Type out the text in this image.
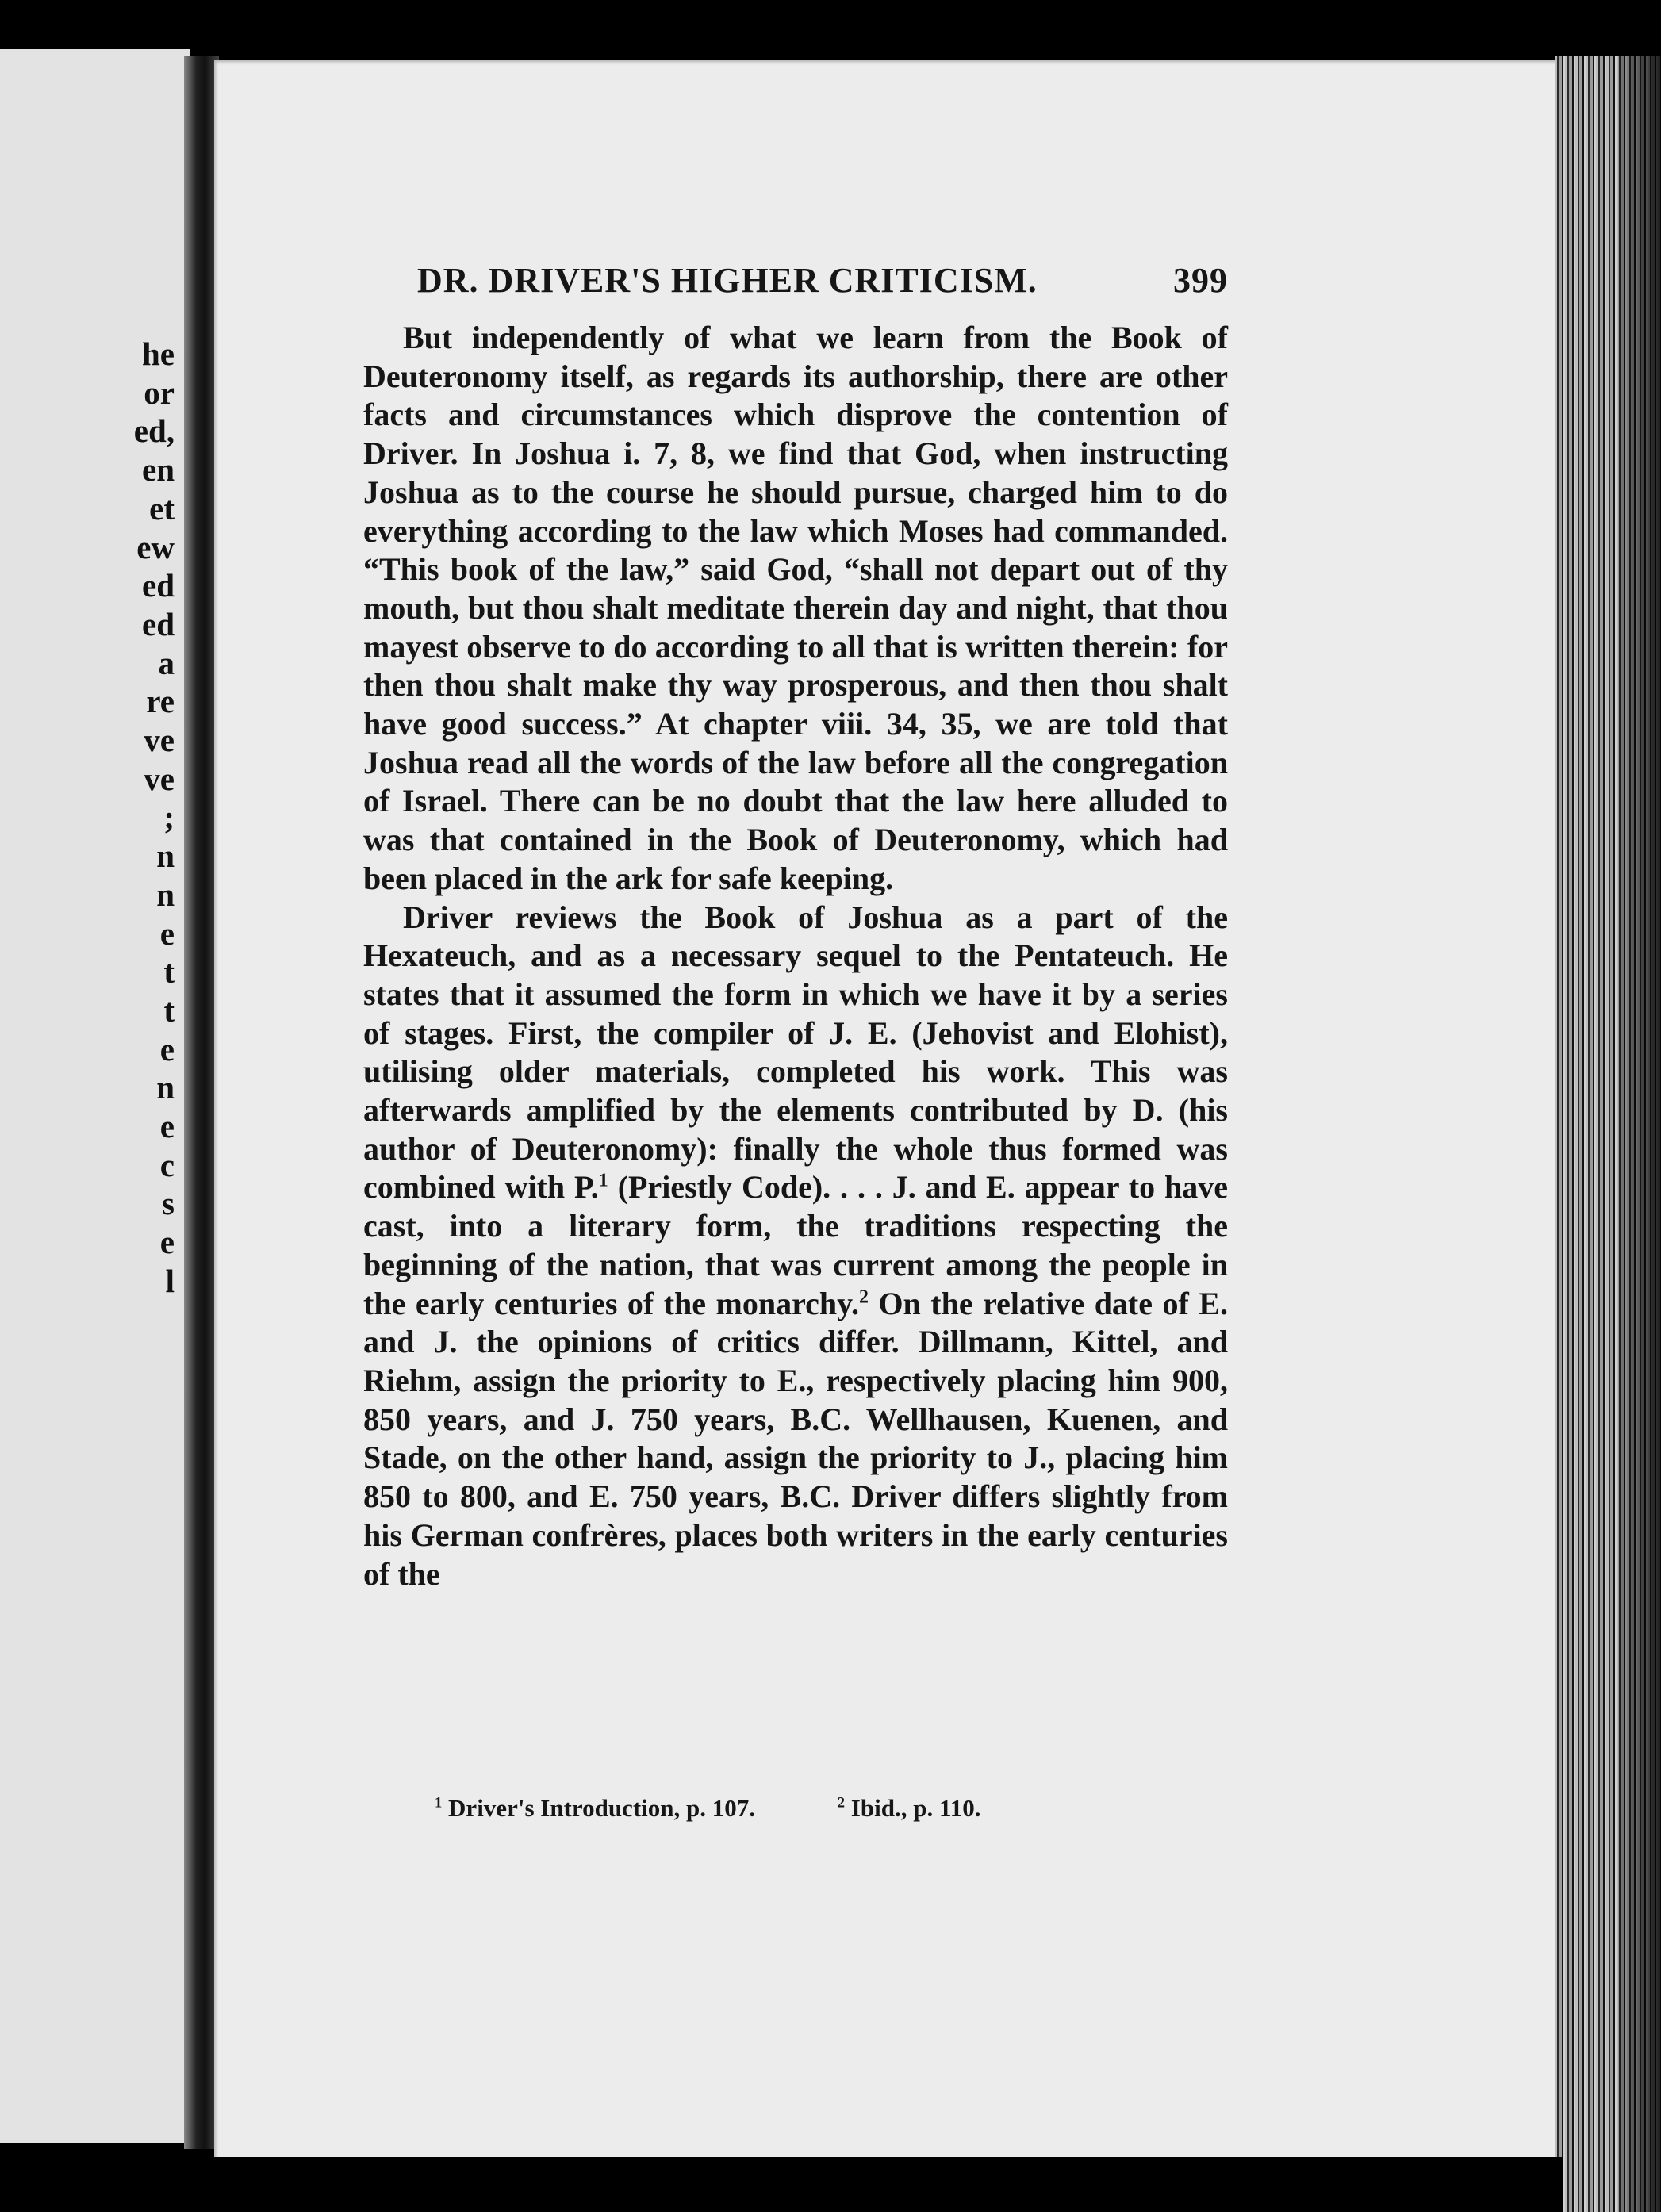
he
or
ed,
en
et
ew
ed
ed
a
re
ve
ve
;
n
n
e
t
t
e
n
e
c
s
e
l
DR. DRIVER'S HIGHER CRITICISM.	399

But independently of what we learn from the Book of Deuteronomy itself, as regards its authorship, there are other facts and circumstances which disprove the contention of Driver. In Joshua i. 7, 8, we find that God, when instructing Joshua as to the course he should pursue, charged him to do everything according to the law which Moses had commanded. “This book of the law,” said God, “shall not depart out of thy mouth, but thou shalt meditate therein day and night, that thou mayest observe to do according to all that is written therein: for then thou shalt make thy way prosperous, and then thou shalt have good success.” At chapter viii. 34, 35, we are told that Joshua read all the words of the law before all the congregation of Israel. There can be no doubt that the law here alluded to was that contained in the Book of Deuteronomy, which had been placed in the ark for safe keeping.

Driver reviews the Book of Joshua as a part of the Hexateuch, and as a necessary sequel to the Pentateuch. He states that it assumed the form in which we have it by a series of stages. First, the compiler of J. E. (Jehovist and Elohist), utilising older materials, completed his work. This was afterwards amplified by the elements contributed by D. (his author of Deuteronomy): finally the whole thus formed was combined with P.$^1$ (Priestly Code). . . . J. and E. appear to have cast, into a literary form, the traditions respecting the beginning of the nation, that was current among the people in the early centuries of the monarchy.$^2$ On the relative date of E. and J. the opinions of critics differ. Dillmann, Kittel, and Riehm, assign the priority to E., respectively placing him 900, 850 years, and J. 750 years, B.C. Wellhausen, Kuenen, and Stade, on the other hand, assign the priority to J., placing him 850 to 800, and E. 750 years, B.C. Driver differs slightly from his German confrères, places both writers in the early centuries of the

$^1$ Driver's Introduction, p. 107.	$^2$ Ibid., p. 110.
